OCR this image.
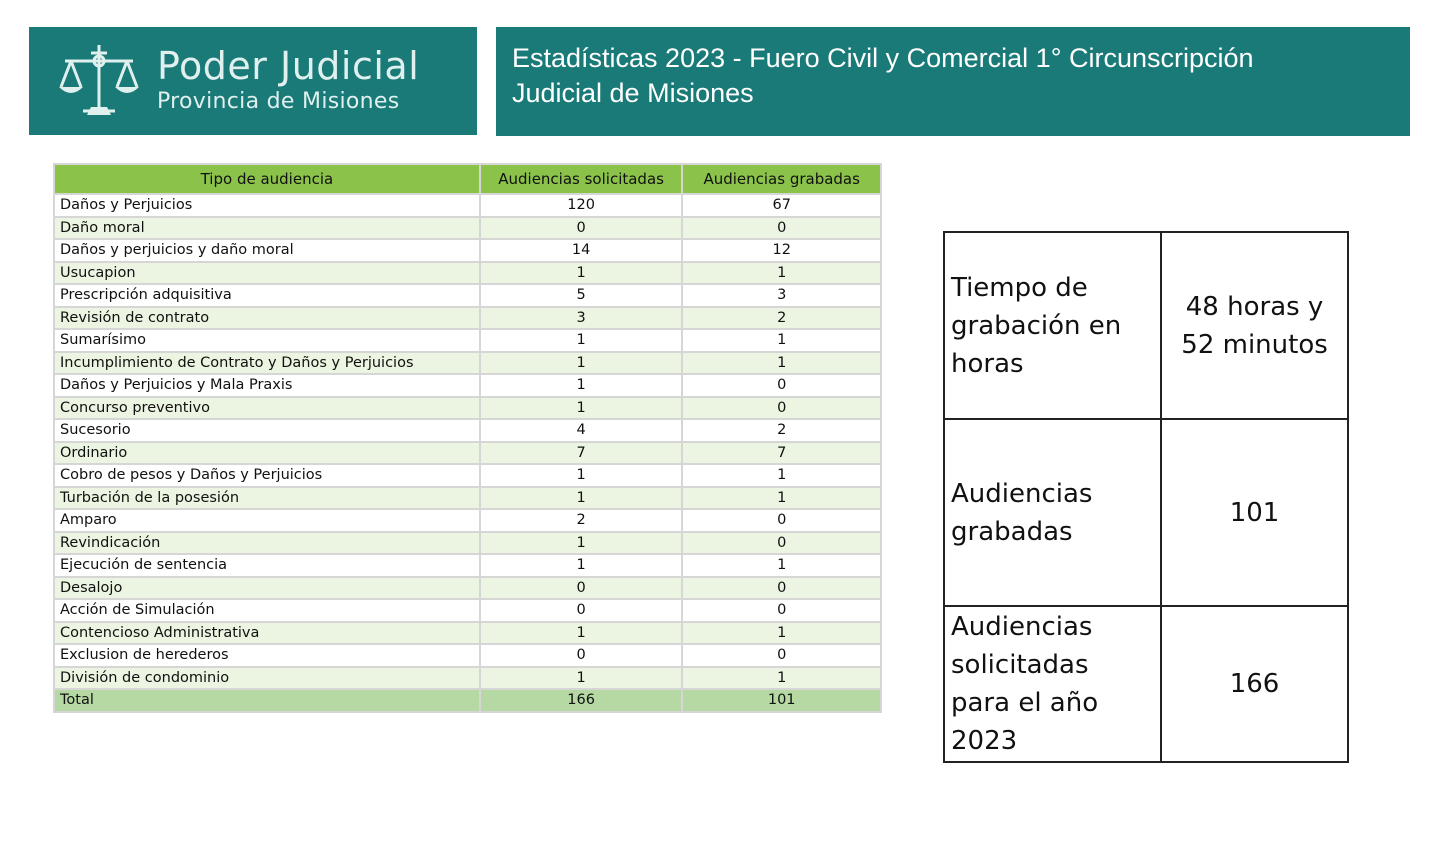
Poder Judicial
Provincia de Misiones
Estadísticas 2023 - Fuero Civil y Comercial 1° Circunscripción
Judicial de Misiones
Tipo de audiencia	Audiencias solicitadas	Audiencias grabadas
Daños y Perjuicios	120	67
Daño moral	0	0
Daños y perjuicios y daño moral	14	12
Usucapion	1	1
Prescripción adquisitiva	5	3
Revisión de contrato	3	2
Sumarísimo	1	1
Incumplimiento de Contrato y Daños y Perjuicios	1	1
Daños y Perjuicios y Mala Praxis	1	0
Concurso preventivo	1	0
Sucesorio	4	2
Ordinario	7	7
Cobro de pesos y Daños y Perjuicios	1	1
Turbación de la posesión	1	1
Amparo	2	0
Revindicación	1	0
Ejecución de sentencia	1	1
Desalojo	0	0
Acción de Simulación	0	0
Contencioso Administrativa	1	1
Exclusion de herederos	0	0
División de condominio	1	1
Total	166	101
Tiempo de grabación en horas	48 horas y 52 minutos
Audiencias grabadas	101
Audiencias solicitadas para el año 2023	166
